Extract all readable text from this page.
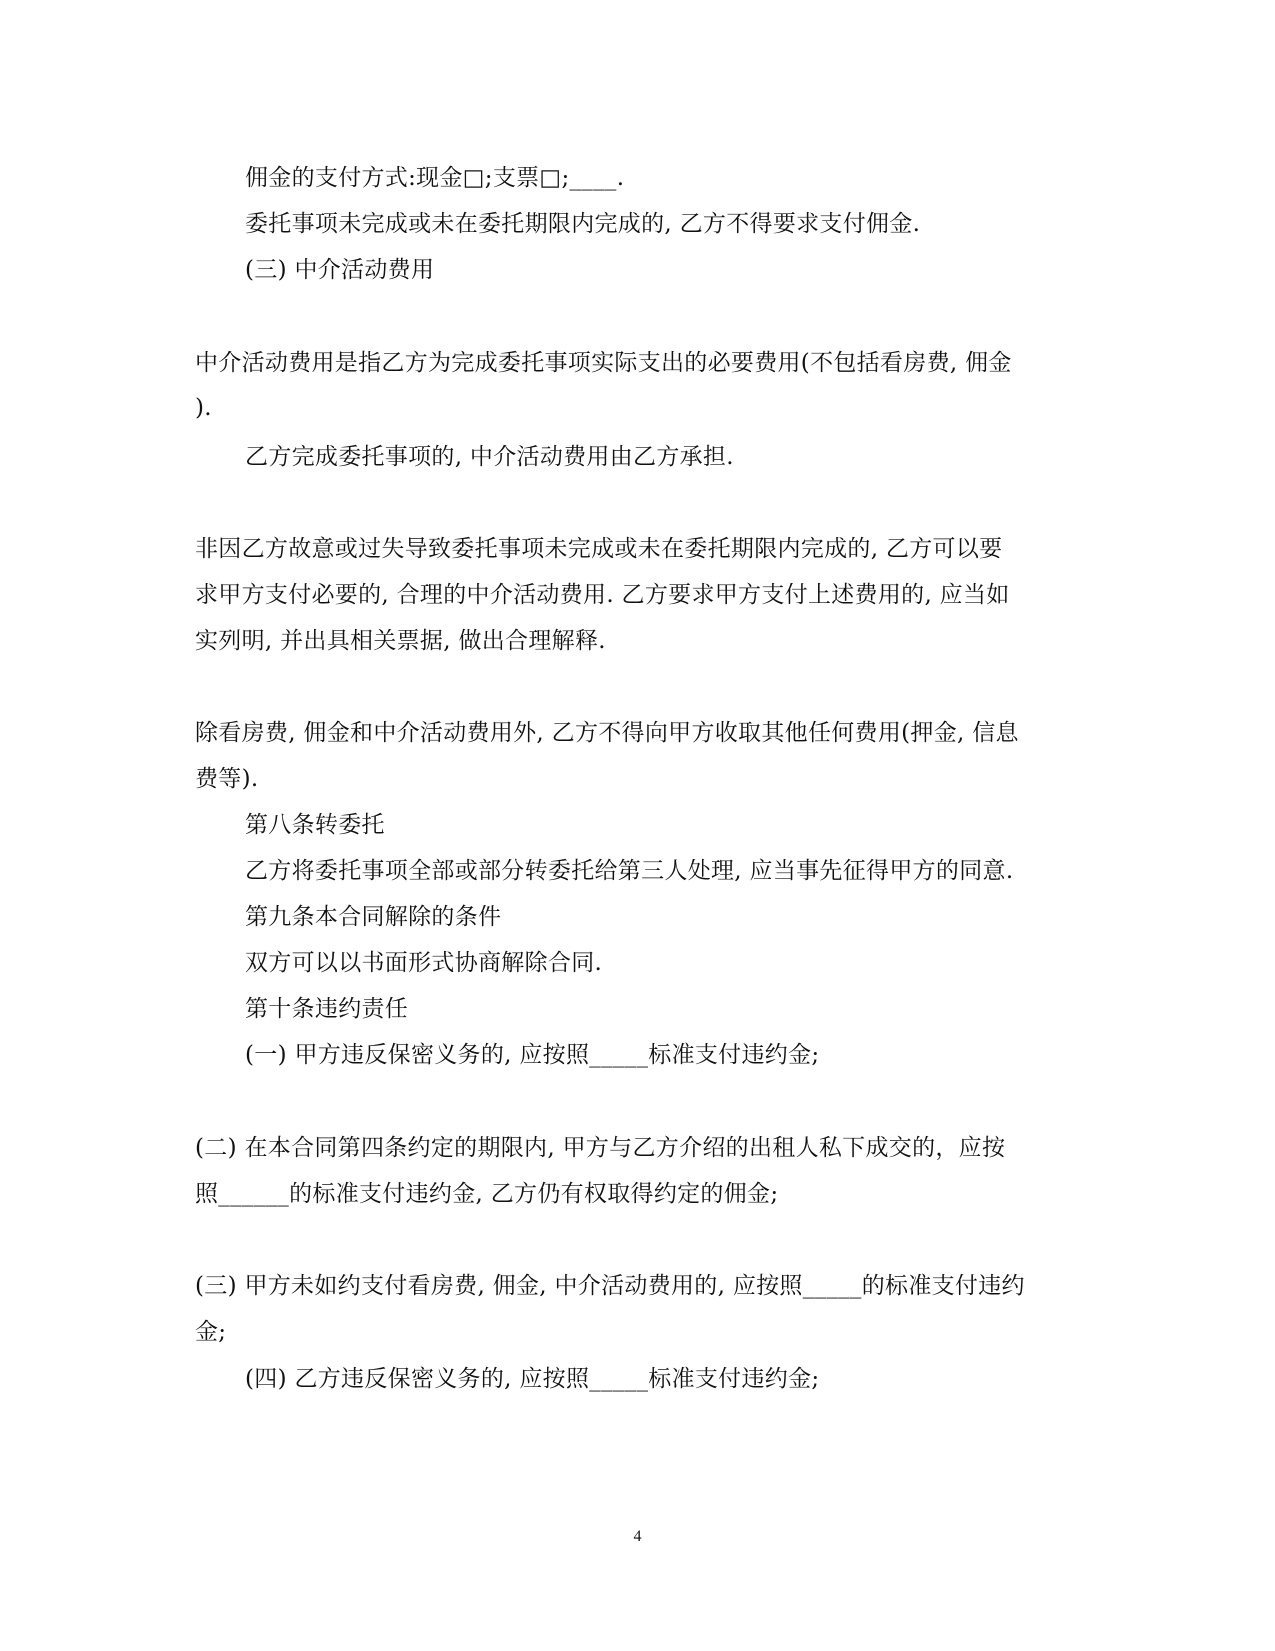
佣金的支付方式:现金□;支票□;____.
委托事项未完成或未在委托期限内完成的, 乙方不得要求支付佣金.
(三) 中介活动费用
中介活动费用是指乙方为完成委托事项实际支出的必要费用(不包括看房费, 佣金
).
乙方完成委托事项的, 中介活动费用由乙方承担.
非因乙方故意或过失导致委托事项未完成或未在委托期限内完成的, 乙方可以要
求甲方支付必要的, 合理的中介活动费用. 乙方要求甲方支付上述费用的, 应当如
实列明, 并出具相关票据, 做出合理解释.
除看房费, 佣金和中介活动费用外, 乙方不得向甲方收取其他任何费用(押金, 信息
费等).
第八条转委托
乙方将委托事项全部或部分转委托给第三人处理, 应当事先征得甲方的同意.
第九条本合同解除的条件
双方可以以书面形式协商解除合同.
第十条违约责任
(一) 甲方违反保密义务的, 应按照_____标准支付违约金;
(二) 在本合同第四条约定的期限内, 甲方与乙方介绍的出租人私下成交的，应按
照______的标准支付违约金, 乙方仍有权取得约定的佣金;
(三) 甲方未如约支付看房费, 佣金, 中介活动费用的, 应按照_____的标准支付违约
金;
(四) 乙方违反保密义务的, 应按照_____标准支付违约金;
4
